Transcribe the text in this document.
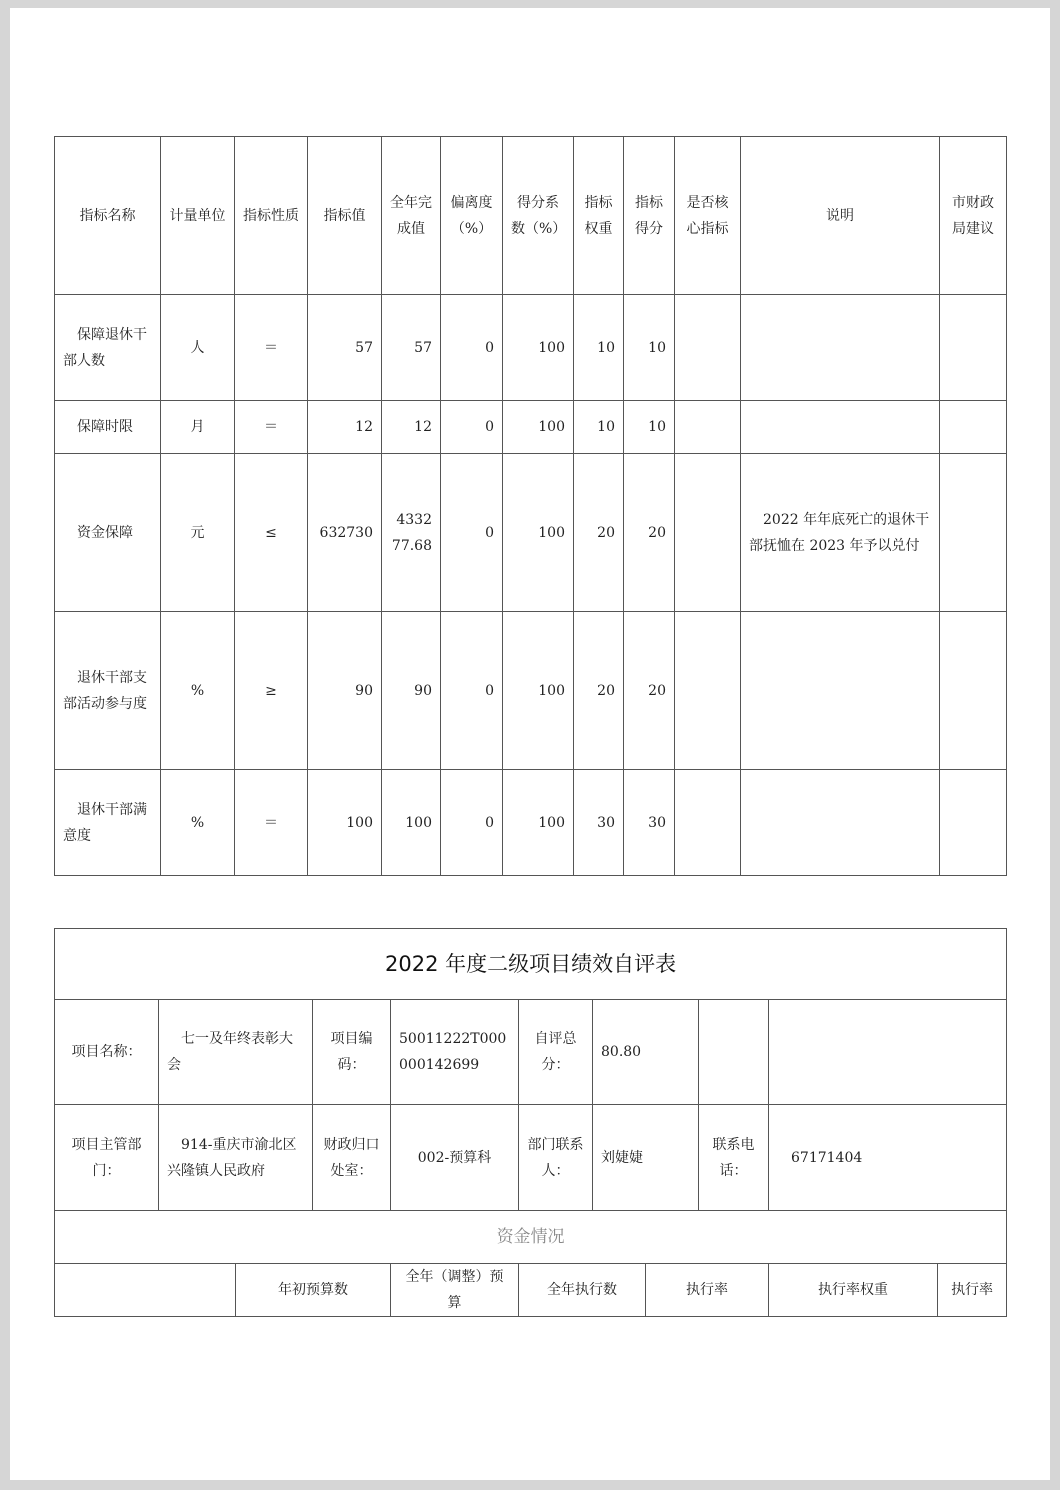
指标名称	计量单位	指标性质	指标值	全年完成值	偏离度（%）	得分系数（%）	指标权重	指标得分	是否核心指标	说明	市财政局建议
保障退休干部人数	人	＝	57	57	0	100	10	10			
保障时限	月	＝	12	12	0	100	10	10			
资金保障	元	≤	632730	433277.68	0	100	20	20		2022 年年底死亡的退休干部抚恤在 2023 年予以兑付	
退休干部支部活动参与度	%	≥	90	90	0	100	20	20			
退休干部满意度	%	＝	100	100	0	100	30	30			
2022 年度二级项目绩效自评表										
项目名称：	七一及年终表彰大会		项目编码：	50011222T000000142699	自评总分：	80.80				
项目主管部门：	914-重庆市渝北区兴隆镇人民政府		财政归口处室：	002-预算科	部门联系人：	刘婕婕		联系电话：	67171404	
资金情况										
		年初预算数		全年（调整）预算	全年执行数		执行率		执行率权重	执行率
